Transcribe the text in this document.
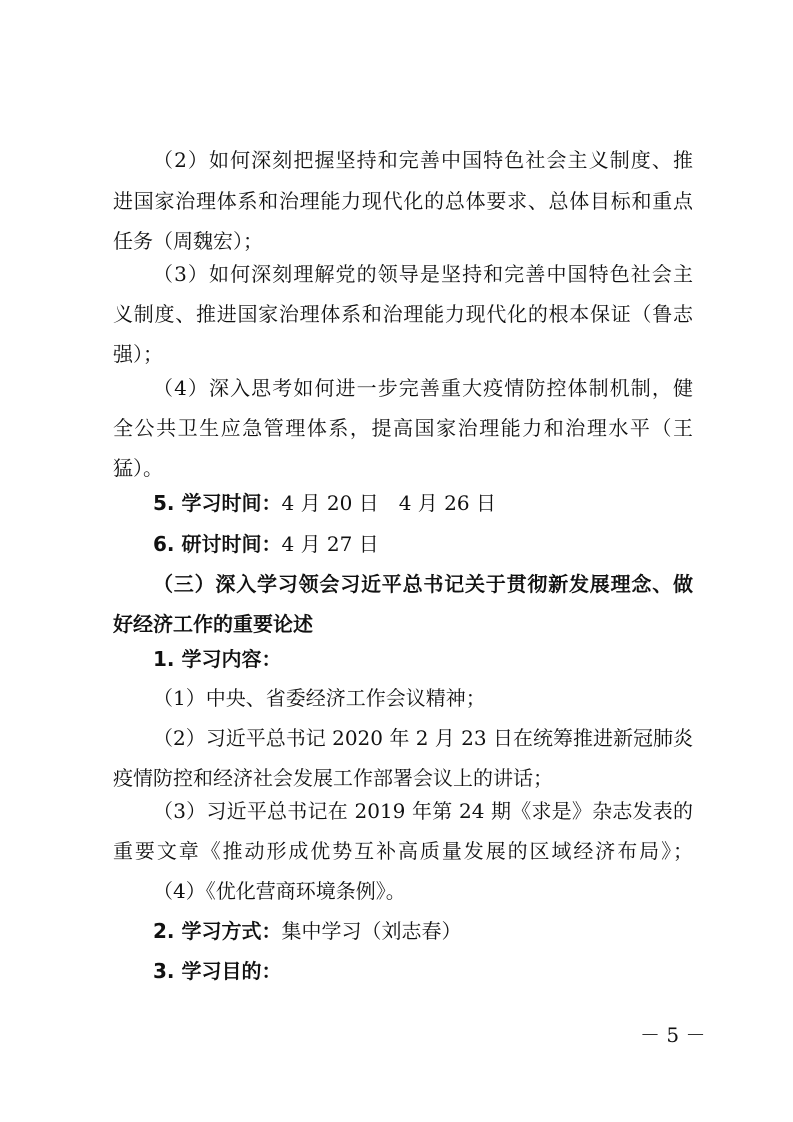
（2）如何深刻把握坚持和完善中国特色社会主义制度、推
进国家治理体系和治理能力现代化的总体要求、总体目标和重点
任务（周魏宏）；
（3）如何深刻理解党的领导是坚持和完善中国特色社会主
义制度、推进国家治理体系和治理能力现代化的根本保证（鲁志
强）；
（4）深入思考如何进一步完善重大疫情防控体制机制，健
全公共卫生应急管理体系，提高国家治理能力和治理水平（王
猛）。
5. 学习时间：4 月 20 日　4 月 26 日
6. 研讨时间：4 月 27 日
（三）深入学习领会习近平总书记关于贯彻新发展理念、做
好经济工作的重要论述
1. 学习内容：
（1）中央、省委经济工作会议精神；
（2）习近平总书记 2020 年 2 月 23 日在统筹推进新冠肺炎
疫情防控和经济社会发展工作部署会议上的讲话；
（3）习近平总书记在 2019 年第 24 期《求是》杂志发表的
重要文章《推动形成优势互补高质量发展的区域经济布局》；
（4）《优化营商环境条例》。
2. 学习方式：集中学习（刘志春）
3. 学习目的：
－ 5 －
